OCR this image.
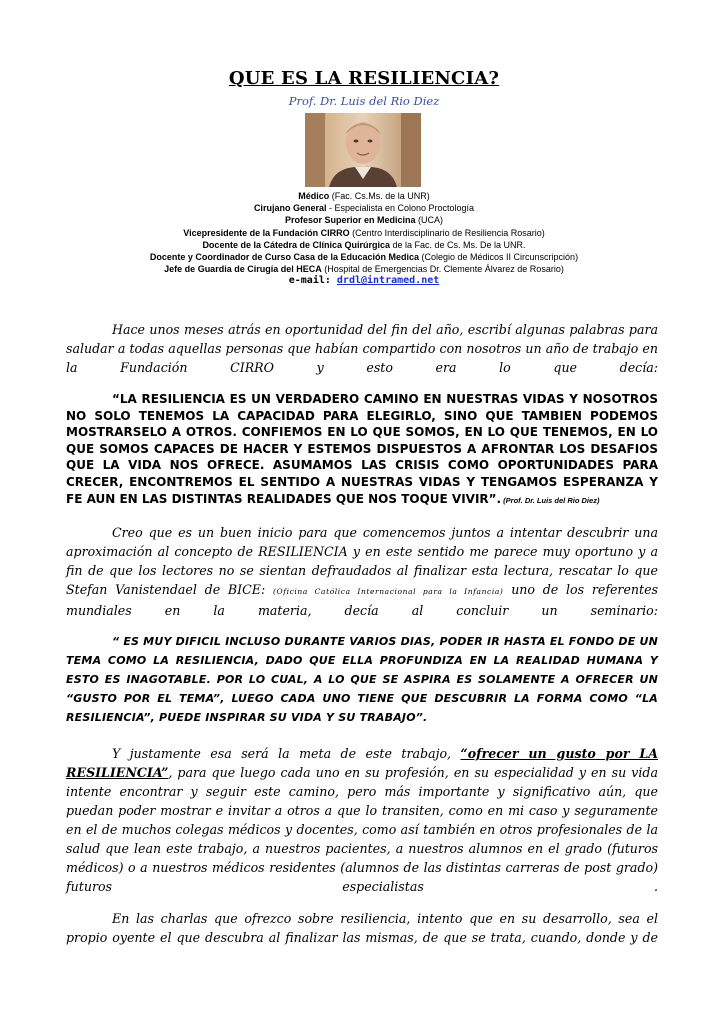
QUE ES LA RESILIENCIA?
Prof. Dr. Luis del Rio Diez
Médico (Fac. Cs.Ms. de la UNR)
Cirujano General - Especialista en Colono Proctología
Profesor Superior en Medicina (UCA)
Vicepresidente de la Fundación CIRRO (Centro Interdisciplinario de Resiliencia Rosario)
Docente de la Cátedra de Clínica Quirúrgica de la Fac. de Cs. Ms. De la UNR.
Docente y Coordinador de Curso Casa de la Educación Medica (Colegio de Médicos II Circunscripción)
Jefe de Guardia de Cirugía del HECA (Hospital de Emergencias Dr. Clemente Álvarez de Rosario)
e-mail: drdl@intramed.net
Hace unos meses atrás en oportunidad del fin del año, escribí algunas palabras para saludar a todas aquellas personas que habían compartido con nosotros un año de trabajo en la Fundación CIRRO y esto era lo que decía:
“LA RESILIENCIA ES UN VERDADERO CAMINO EN NUESTRAS VIDAS Y NOSOTROS NO SOLO TENEMOS LA CAPACIDAD PARA ELEGIRLO, SINO QUE TAMBIEN PODEMOS MOSTRARSELO A OTROS. CONFIEMOS EN LO QUE SOMOS, EN LO QUE TENEMOS, EN LO QUE SOMOS CAPACES DE HACER Y ESTEMOS DISPUESTOS A AFRONTAR LOS DESAFIOS QUE LA VIDA NOS OFRECE. ASUMAMOS LAS CRISIS COMO OPORTUNIDADES PARA CRECER, ENCONTREMOS EL SENTIDO A NUESTRAS VIDAS Y TENGAMOS ESPERANZA Y FE AUN EN LAS DISTINTAS REALIDADES QUE NOS TOQUE VIVIR”. (Prof. Dr. Luis del Rio Diez)
Creo que es un buen inicio para que comencemos juntos a intentar descubrir una aproximación al concepto de RESILIENCIA y en este sentido me parece muy oportuno y a fin de que los lectores no se sientan defraudados al finalizar esta lectura, rescatar lo que Stefan Vanistendael de BICE: (Oficina Católica Internacional para la Infancia) uno de los referentes mundiales en la materia, decía al concluir un seminario:
“ ES MUY DIFICIL INCLUSO DURANTE VARIOS DIAS, PODER IR HASTA EL FONDO DE UN TEMA COMO LA RESILIENCIA, DADO QUE ELLA PROFUNDIZA EN LA REALIDAD HUMANA Y ESTO ES INAGOTABLE. POR LO CUAL, A LO QUE SE ASPIRA ES SOLAMENTE A OFRECER UN “GUSTO POR EL TEMA”, LUEGO CADA UNO TIENE QUE DESCUBRIR LA FORMA COMO “LA RESILIENCIA”, PUEDE INSPIRAR SU VIDA Y SU TRABAJO”.
Y justamente esa será la meta de este trabajo, “ofrecer un gusto por LA RESILIENCIA”, para que luego cada uno en su profesión, en su especialidad y en su vida intente encontrar y seguir este camino, pero más importante y significativo aún, que puedan poder mostrar e invitar a otros a que lo transiten, como en mi caso y seguramente en el de muchos colegas médicos y docentes, como así también en otros profesionales de la salud que lean este trabajo, a nuestros pacientes, a nuestros alumnos en el grado (futuros médicos) o a nuestros médicos residentes (alumnos de las distintas carreras de post grado) futuros especialistas .
En las charlas que ofrezco sobre resiliencia, intento que en su desarrollo, sea el propio oyente el que descubra al finalizar las mismas, de que se trata, cuando, donde y de
